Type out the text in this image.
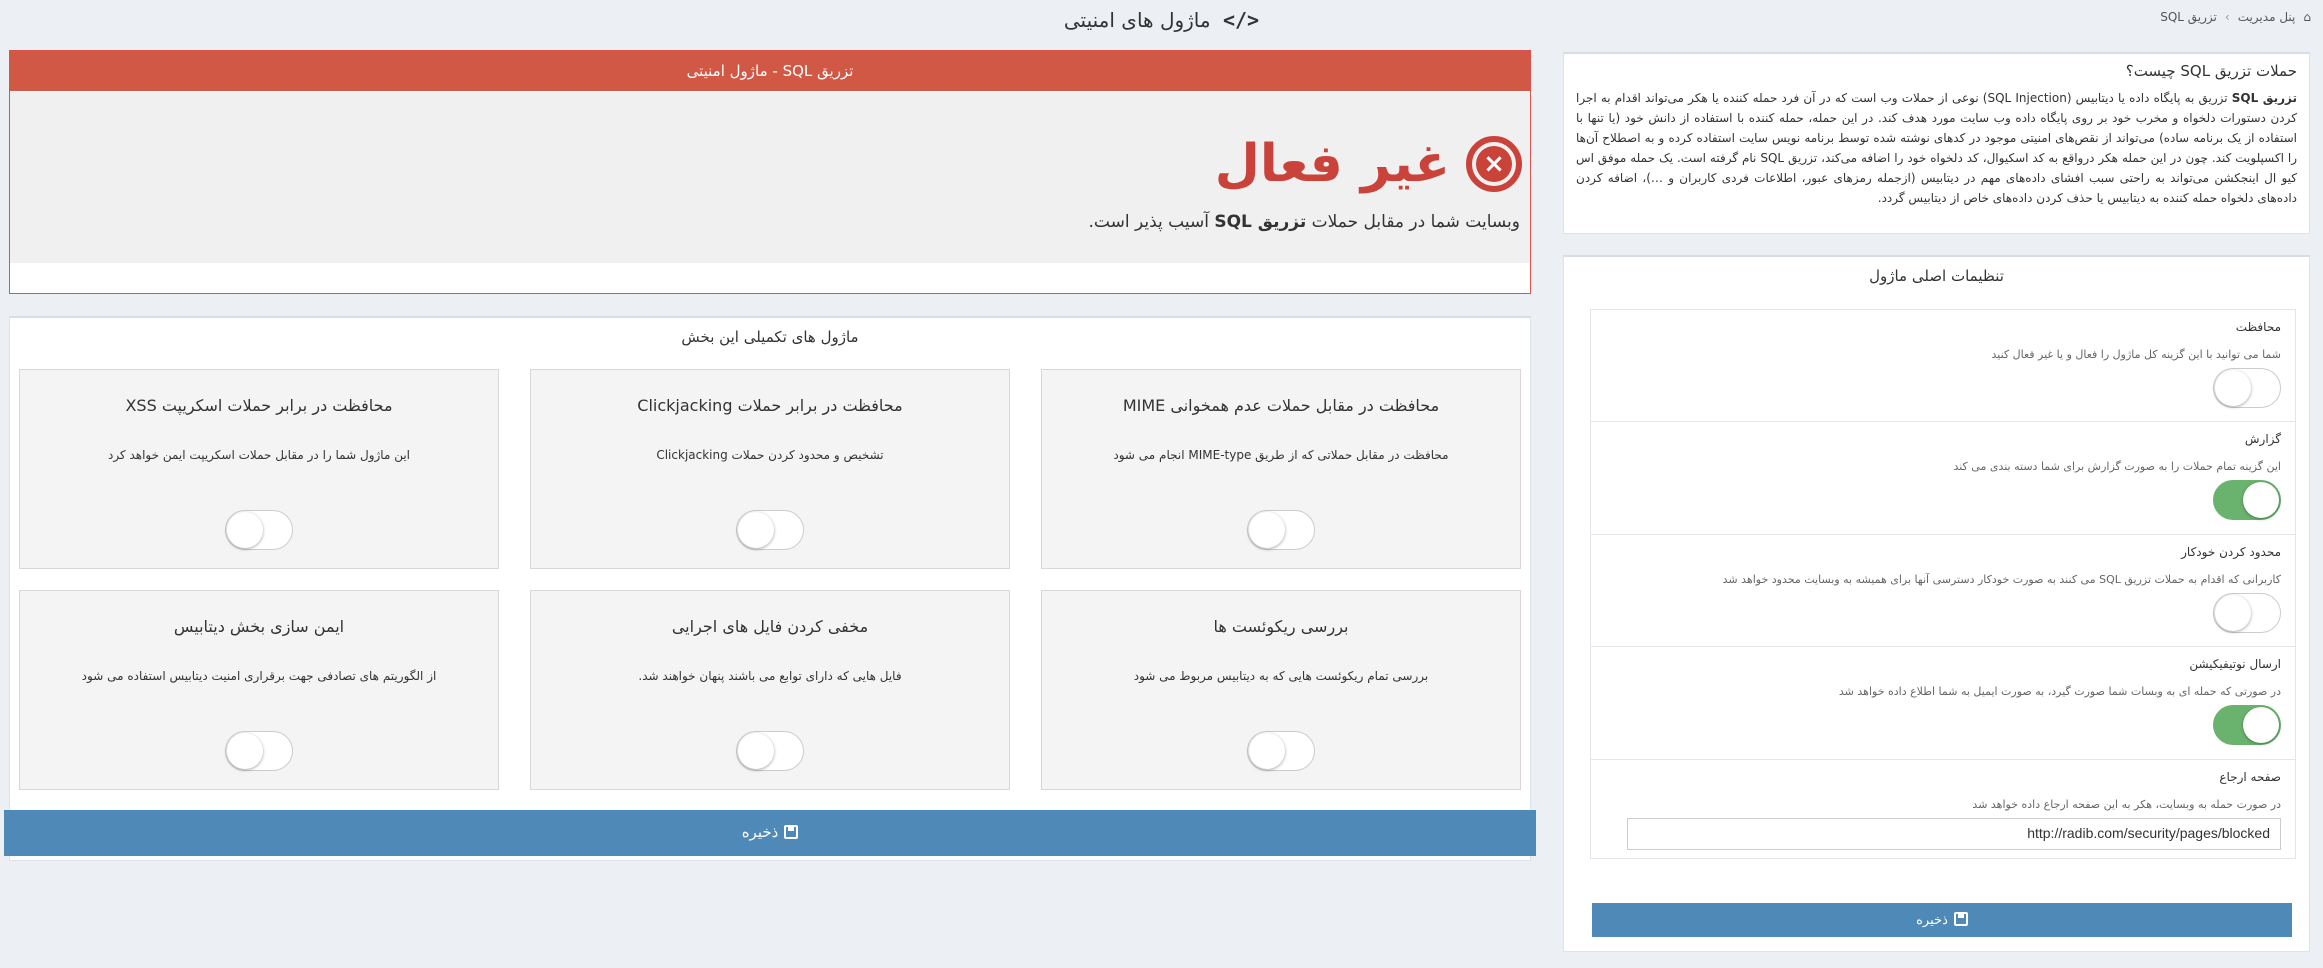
⌂
پنل مدیریت
›
تزریق SQL
</> ماژول های امنیتی
حملات تزریق SQL چیست؟

تزریق SQL تزریق به پایگاه داده یا دیتابیس (SQL Injection) نوعی از حملات وب است که در آن فرد حمله کننده یا هکر می‌تواند اقدام به اجرا کردن دستورات دلخواه و مخرب خود بر روی پایگاه داده وب سایت مورد هدف کند. در این حمله، حمله کننده با استفاده از دانش خود (یا تنها با استفاده از یک برنامه ساده) می‌تواند از نقص‌های امنیتی موجود در کدهای نوشته شده توسط برنامه نویس سایت استفاده کرده و به اصطلاح آن‌ها را اکسپلویت کند. چون در این حمله هکر درواقع به کد اسکیوال، کد دلخواه خود را اضافه می‌کند، تزریق SQL نام گرفته است. یک حمله موفق اس کیو ال اینجکشن می‌تواند به راحتی سبب افشای داده‌های مهم در دیتابیس (ازجمله رمزهای عبور، اطلاعات فردی کاربران و …)، اضافه کردن داده‌های دلخواه حمله کننده به دیتابیس یا حذف کردن داده‌های خاص از دیتابیس گردد.

تنظیمات اصلی ماژول
محافظت
شما می توانید با این گزینه کل ماژول را فعال و یا غیر فعال کنید
گزارش
این گزینه تمام حملات را به صورت گزارش برای شما دسته بندی می کند
محدود کردن خودکار
کاربرانی که اقدام به حملات تزریق SQL می کنند به صورت خودکار دسترسی آنها برای همیشه به وبسایت محدود خواهد شد
ارسال نوتیفیکیشن
در صورتی که حمله ای به وبسات شما صورت گیرد، به صورت ایمیل به شما اطلاع داده خواهد شد
صفحه ارجاع
در صورت حمله به وبسایت، هکر به این صفحه ارجاع داده خواهد شد
http://radib.com/security/pages/blocked
ذخیره
تزریق SQL - ماژول امنیتی
×
غیر فعال
وبسایت شما در مقابل حملات تزریق SQL آسیب پذیر است.
ماژول های تکمیلی این بخش
محافظت در مقابل حملات عدم همخوانی MIME
محافظت در مقابل حملاتی که از طریق MIME-type انجام می شود
محافظت در برابر حملات Clickjacking
تشخیص و محدود کردن حملات Clickjacking
محافظت در برابر حملات اسکریپت XSS
این ماژول شما را در مقابل حملات اسکریپت ایمن خواهد کرد
بررسی ریکوئست ها
بررسی تمام ریکوئست هایی که به دیتابیس مربوط می شود
مخفی کردن فایل های اجرایی
فایل هایی که دارای توابع می باشند پنهان خواهند شد.
ایمن سازی بخش دیتابیس
از الگوریتم های تصادفی جهت برقراری امنیت دیتابیس استفاده می شود
ذخیره
